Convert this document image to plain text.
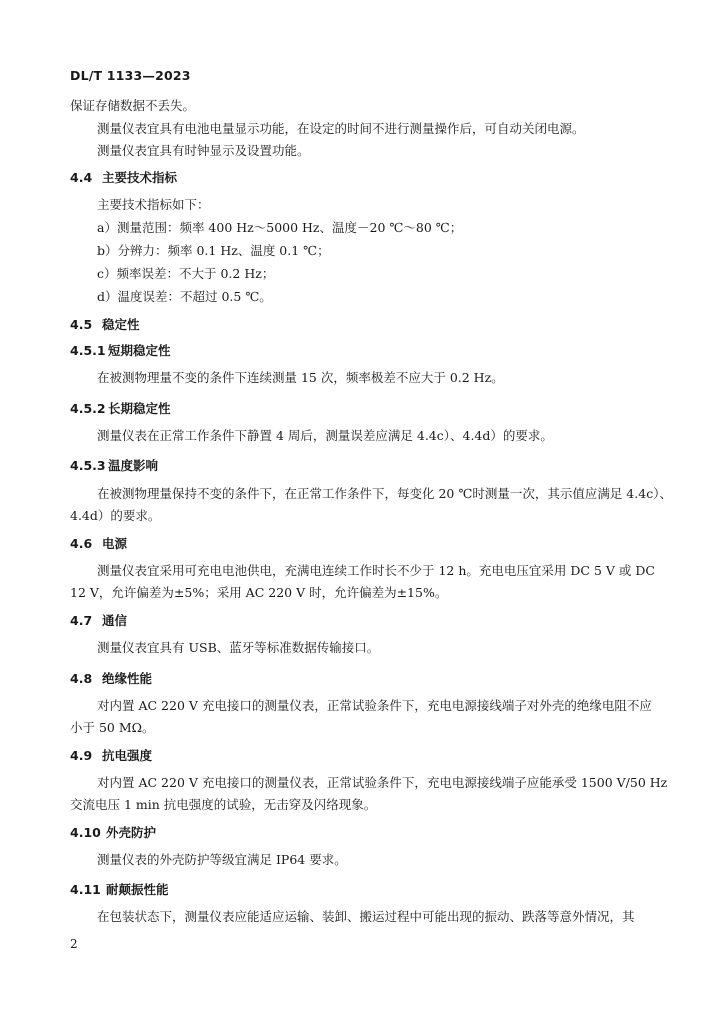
DL/T 1133—2023
保证存储数据不丢失。
测量仪表宜具有电池电量显示功能，在设定的时间不进行测量操作后，可自动关闭电源。
测量仪表宜具有时钟显示及设置功能。
4.4 主要技术指标
主要技术指标如下：
a）测量范围：频率 400 Hz～5000 Hz、温度－20 ℃～80 ℃；
b）分辨力：频率 0.1 Hz、温度 0.1 ℃；
c）频率误差：不大于 0.2 Hz；
d）温度误差：不超过 0.5 ℃。
4.5 稳定性
4.5.1 短期稳定性
在被测物理量不变的条件下连续测量 15 次，频率极差不应大于 0.2 Hz。
4.5.2 长期稳定性
测量仪表在正常工作条件下静置 4 周后，测量误差应满足 4.4c）、4.4d）的要求。
4.5.3 温度影响
在被测物理量保持不变的条件下，在正常工作条件下，每变化 20 ℃时测量一次，其示值应满足 4.4c）、
4.4d）的要求。
4.6 电源
测量仪表宜采用可充电电池供电，充满电连续工作时长不少于 12 h。充电电压宜采用 DC 5 V 或 DC
12 V，允许偏差为±5%；采用 AC 220 V 时，允许偏差为±15%。
4.7 通信
测量仪表宜具有 USB、蓝牙等标准数据传输接口。
4.8 绝缘性能
对内置 AC 220 V 充电接口的测量仪表，正常试验条件下，充电电源接线端子对外壳的绝缘电阻不应
小于 50 MΩ。
4.9 抗电强度
对内置 AC 220 V 充电接口的测量仪表，正常试验条件下，充电电源接线端子应能承受 1500 V/50 Hz
交流电压 1 min 抗电强度的试验，无击穿及闪络现象。
4.10 外壳防护
测量仪表的外壳防护等级宜满足 IP64 要求。
4.11 耐颠振性能
在包装状态下，测量仪表应能适应运输、装卸、搬运过程中可能出现的振动、跌落等意外情况，其
2
